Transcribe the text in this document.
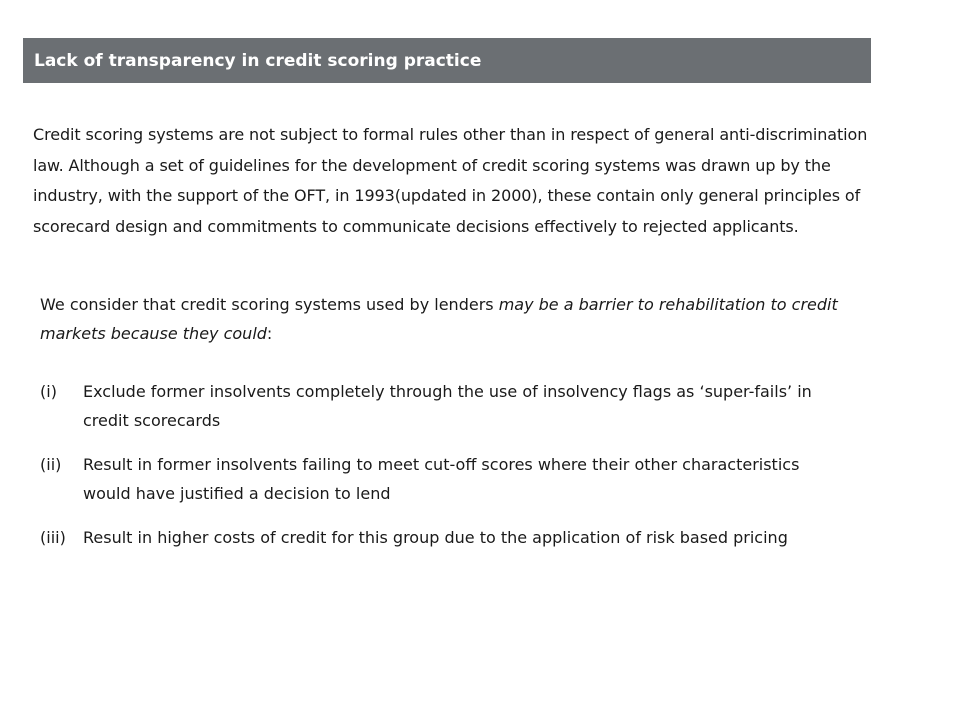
Lack of transparency in credit scoring practice

Credit scoring systems are not subject to formal rules other than in respect of general anti-discrimination law. Although a set of guidelines for the development of credit scoring systems was drawn up by the industry, with the support of the OFT, in 1993(updated in 2000), these contain only general principles of scorecard design and commitments to communicate decisions effectively to rejected applicants.

We consider that credit scoring systems used by lenders may be a barrier to rehabilitation to credit markets because they could:

(i)	Exclude former insolvents completely through the use of insolvency flags as ‘super-fails’ in credit scorecards
(ii)	Result in former insolvents failing to meet cut-off scores where their other characteristics would have justified a decision to lend
(iii)	Result in higher costs of credit for this group due to the application of risk based pricing
